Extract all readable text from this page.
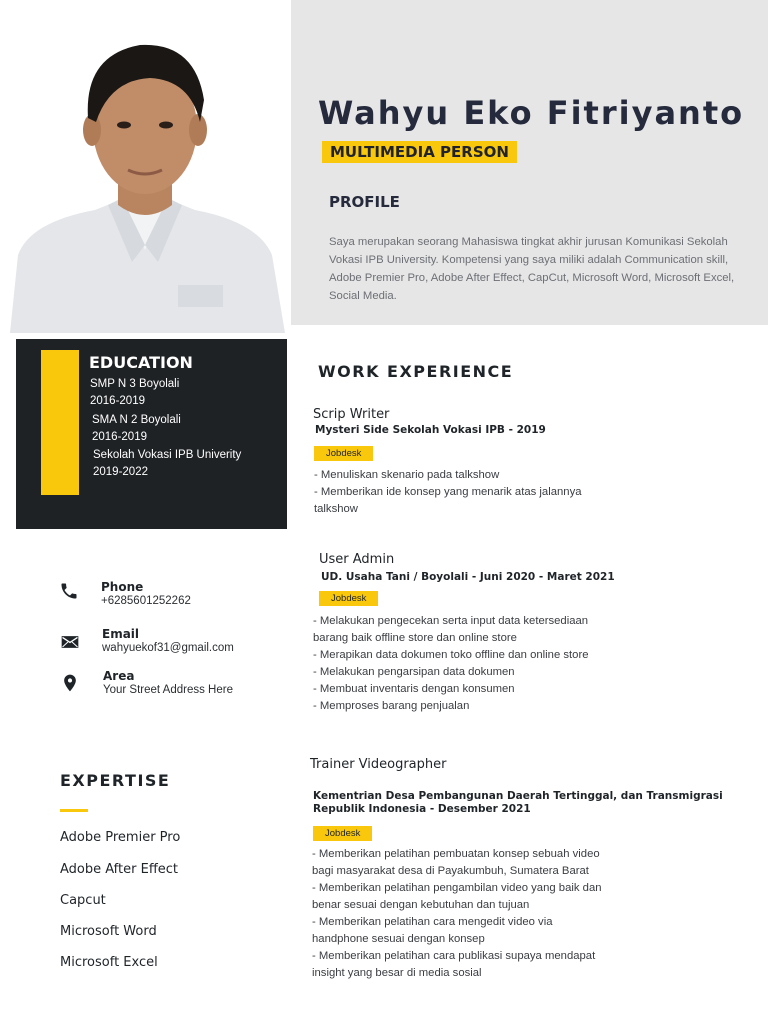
Wahyu Eko Fitriyanto
MULTIMEDIA PERSON
PROFILE
Saya merupakan seorang Mahasiswa tingkat akhir jurusan Komunikasi Sekolah Vokasi IPB University. Kompetensi yang saya miliki adalah Communication skill, Adobe Premier Pro, Adobe After Effect, CapCut, Microsoft Word, Microsoft Excel, Social Media.
EDUCATION
SMP N 3 Boyolali
2016-2019
SMA N 2 Boyolali
2016-2019
Sekolah Vokasi IPB Univerity
2019-2022
Phone
+6285601252262
Email
wahyuekof31@gmail.com
Area
Your Street Address Here
EXPERTISE
Adobe Premier Pro
Adobe After Effect
Capcut
Microsoft Word
Microsoft Excel
WORK EXPERIENCE
Scrip Writer
Mysteri Side Sekolah Vokasi IPB - 2019
Jobdesk
- Menuliskan skenario pada talkshow
- Memberikan ide konsep yang menarik atas jalannya
talkshow
User Admin
UD. Usaha Tani / Boyolali - Juni 2020 - Maret 2021
Jobdesk
- Melakukan pengecekan serta input data ketersediaan
barang baik offline store dan online store
- Merapikan data dokumen toko offline dan online store
- Melakukan pengarsipan data dokumen
- Membuat inventaris dengan konsumen
- Memproses barang penjualan
Trainer Videographer
Kementrian Desa Pembangunan Daerah Tertinggal, dan Transmigrasi
Republik Indonesia - Desember 2021
Jobdesk
- Memberikan pelatihan pembuatan konsep sebuah video
bagi masyarakat desa di Payakumbuh, Sumatera Barat
- Memberikan pelatihan pengambilan video yang baik dan
benar sesuai dengan kebutuhan dan tujuan
- Memberikan pelatihan cara mengedit video via
handphone sesuai dengan konsep
- Memberikan pelatihan cara publikasi supaya mendapat
insight yang besar di media sosial
